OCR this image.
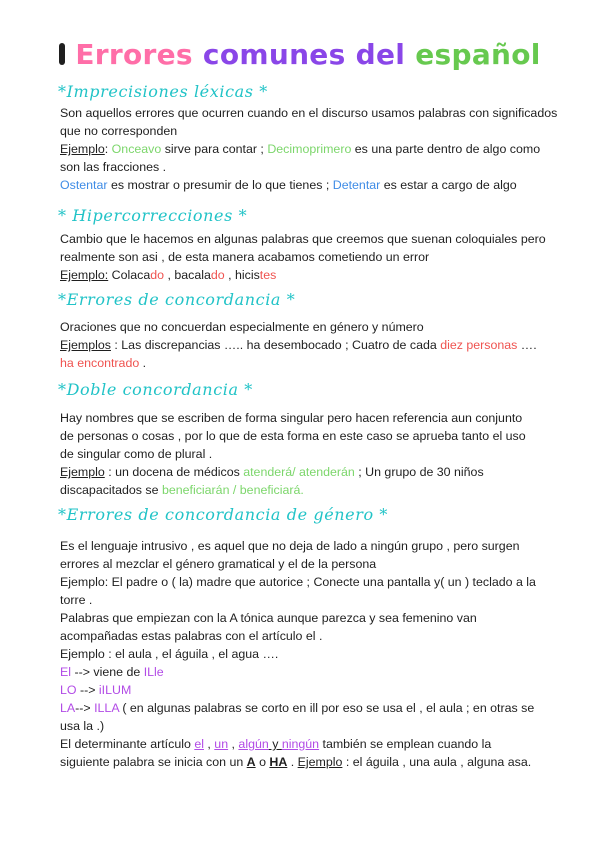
Errores comunes del español
*Imprecisiones léxicas *
Son aquellos errores que ocurren cuando en el discurso usamos palabras con significados
que no corresponden
Ejemplo: Onceavo sirve para contar ; Decimoprimero es una parte dentro de algo como
son las fracciones .
Ostentar es mostrar o presumir de lo que tienes ; Detentar es estar a cargo de algo
* Hipercorrecciones *
Cambio que le hacemos en algunas palabras que creemos que suenan coloquiales pero
realmente son asi , de esta manera acabamos cometiendo un error
Ejemplo: Colacado , bacalado , hicistes
*Errores de concordancia *
Oraciones que no concuerdan especialmente en género y número
Ejemplos : Las discrepancias ….. ha desembocado ; Cuatro de cada diez personas ….
ha encontrado .
*Doble concordancia *
Hay nombres que se escriben de forma singular pero hacen referencia aun conjunto
de personas o cosas , por lo que de esta forma en este caso se aprueba tanto el uso
de singular como de plural .
Ejemplo : un docena de médicos atenderá/ atenderán ; Un grupo de 30 niños
discapacitados se beneficiarán / beneficiará.
*Errores de concordancia de género *
Es el lenguaje intrusivo , es aquel que no deja de lado a ningún grupo , pero surgen
errores al mezclar el género gramatical y el de la persona
Ejemplo: El padre o ( la) madre que autorice ; Conecte una pantalla y( un ) teclado a la
torre .
Palabras que empiezan con la A tónica aunque parezca y sea femenino van
acompañadas estas palabras con el artículo el .
Ejemplo : el aula , el águila , el agua ….
El --> viene de ILle
LO --> iILUM
LA--> ILLA ( en algunas palabras se corto en ill por eso se usa el , el aula ; en otras se
usa la .)
El determinante artículo el , un , algún y ningún también se emplean cuando la
siguiente palabra se inicia con un A o HA . Ejemplo : el águila , una aula , alguna asa.
